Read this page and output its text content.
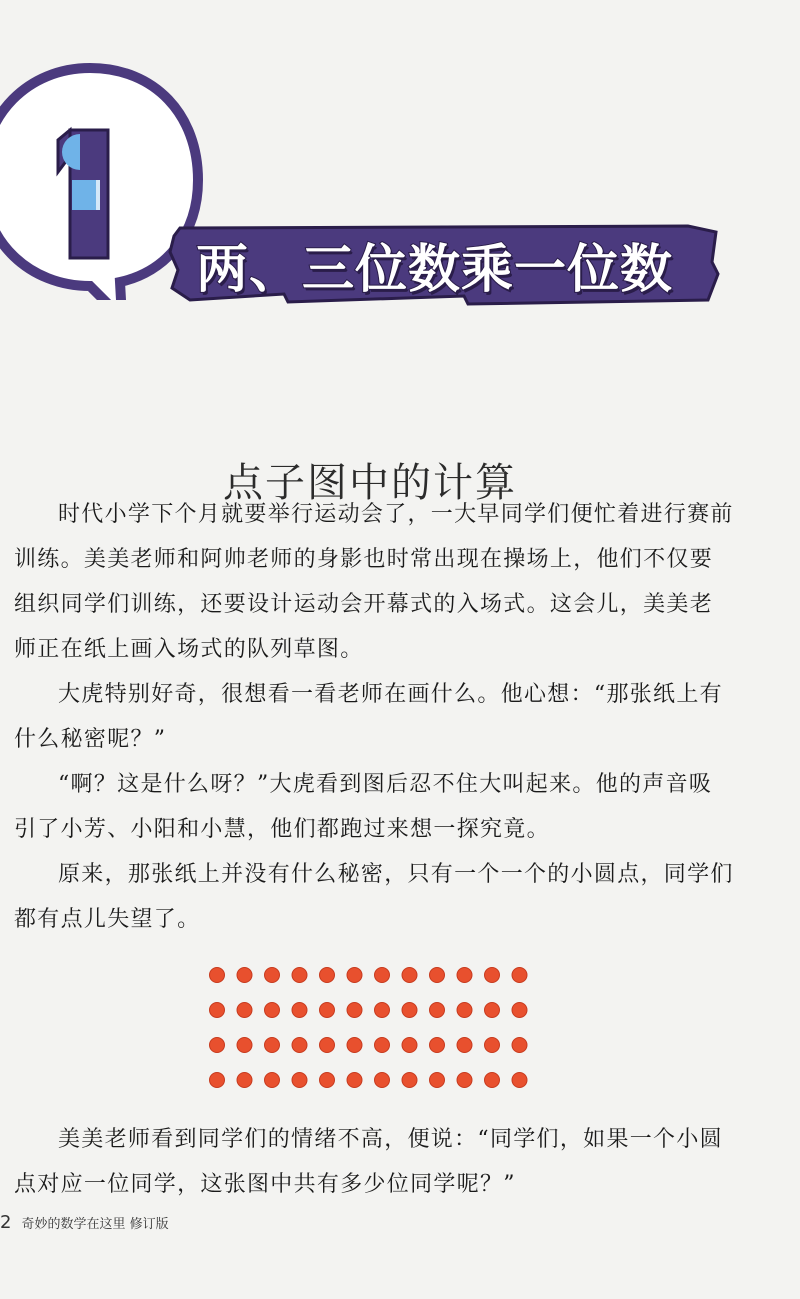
两、三位数乘一位数
点子图中的计算

时代小学下个月就要举行运动会了，一大早同学们便忙着进行赛前训练。美美老师和阿帅老师的身影也时常出现在操场上，他们不仅要组织同学们训练，还要设计运动会开幕式的入场式。这会儿，美美老师正在纸上画入场式的队列草图。

大虎特别好奇，很想看一看老师在画什么。他心想：“那张纸上有什么秘密呢？”

“啊？这是什么呀？”大虎看到图后忍不住大叫起来。他的声音吸引了小芳、小阳和小慧，他们都跑过来想一探究竟。

原来，那张纸上并没有什么秘密，只有一个一个的小圆点，同学们都有点儿失望了。

美美老师看到同学们的情绪不高，便说：“同学们，如果一个小圆点对应一位同学，这张图中共有多少位同学呢？”

2 奇妙的数学在这里 修订版
